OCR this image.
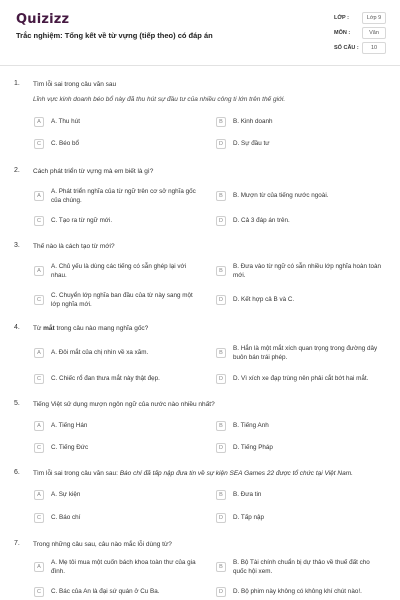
Quizizz
Trắc nghiệm: Tổng kết về từ vựng (tiếp theo) có đáp án
LỚP :	Lớp 9
MÔN :	Văn
SỐ CÂU :	10
1. Tìm lỗi sai trong câu văn sau
Lĩnh vực kinh doanh béo bổ này đã thu hút sự đầu tư của nhiều công ti lớn trên thế giới.
A	A. Thu hút	B	B. Kinh doanh
C	C. Béo bổ	D	D. Sự đầu tư
2. Cách phát triển từ vựng mà em biết là gì?
A
A. Phát triển nghĩa của từ ngữ trên cơ sở nghĩa gốc của chúng.
B	B. Mượn từ của tiếng nước ngoài.
C	C. Tạo ra từ ngữ mới.	D	D. Cả 3 đáp án trên.
3. Thế nào là cách tạo từ mới?
A
A. Chủ yếu là dùng các tiếng có sẵn ghép lại với nhau.
B
B. Đưa vào từ ngữ có sẵn nhiều lớp nghĩa hoàn toàn mới.
C
C. Chuyển lớp nghĩa ban đầu của từ này sang một lớp nghĩa mới.
D	D. Kết hợp cả B và C.
4. Từ mắt trong câu nào mang nghĩa gốc?
A	A. Đôi mắt của chị nhìn về xa xăm.	B
B. Hắn là một mắt xích quan trọng trong đường dây buôn bán trái phép.
C	C. Chiếc rổ đan thưa mắt này thật đẹp.	D	D. Vì xích xe đạp trùng nên phải cắt bớt hai mắt.
5. Tiếng Việt sử dụng mượn ngôn ngữ của nước nào nhiều nhất?
A	A. Tiếng Hán	B	B. Tiếng Anh
C	C. Tiếng Đức	D	D. Tiếng Pháp
6. Tìm lỗi sai trong câu văn sau: Báo chí đã tấp nập đưa tin về sự kiện SEA Games 22 được tổ chức tại Việt Nam.
A	A. Sự kiện	B	B. Đưa tin
C	C. Báo chí	D	D. Tấp nập
7. Trong những câu sau, câu nào mắc lỗi dùng từ?
A
A. Mẹ tôi mua một cuốn bách khoa toàn thư của gia đình.
B
B. Bộ Tài chính chuẩn bị dự thảo về thuế đất cho quốc hội xem.
C	C. Bác của An là đại sứ quán ở Cu Ba.	D	D. Bộ phim này không có không khí chút nào!.
